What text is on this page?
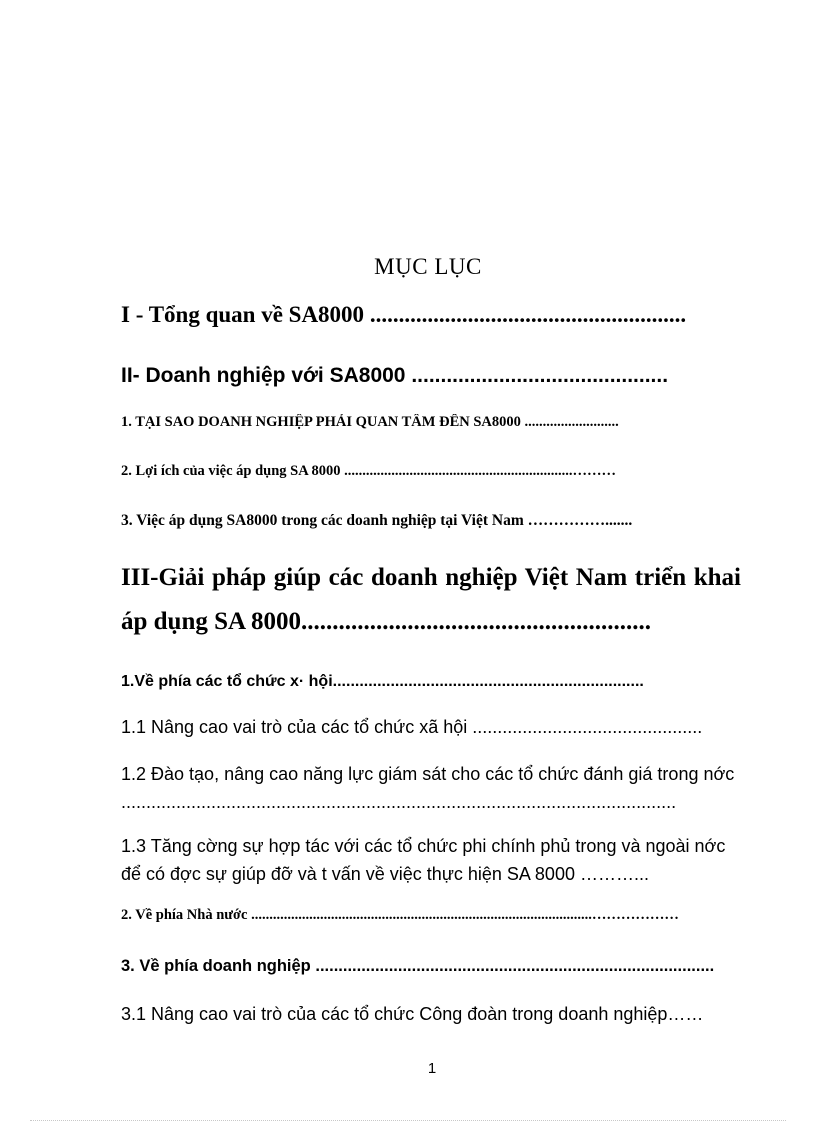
MỤC LỤC
I - Tổng quan về SA8000 .......................................................
II- Doanh nghiệp với SA8000 ............................................
1. TẠI SAO DOANH NGHIỆP PHẢI QUAN TÂM ĐẾN SA8000 ..........................
2. Lợi ích của việc áp dụng SA 8000 ...............................................................………
3. Việc áp dụng SA8000 trong các doanh nghiệp tại Việt Nam …………….......
III-Giải pháp giúp các doanh nghiệp Việt Nam triển khai áp dụng SA 8000........................................................
1.Về phía các tổ chức x· hội......................................................................
1.1 Nâng cao vai trò của các tổ chức xã hội ..............................................
1.2 Đào tạo, nâng cao năng lực giám sát cho các tổ chức đánh giá trong nớc ...............................................................................................................
1.3 Tăng cờng sự hợp tác với các tổ chức phi chính phủ trong và ngoài nớc để có đợc sự giúp đỡ và t vấn về việc thực hiện SA 8000 ………...
2. Về phía Nhà nước ..............................................................................................………………
3. Về phía doanh nghiệp .......................................................................................
3.1 Nâng cao vai trò của các tổ chức Công đoàn trong doanh nghiệp……
1
